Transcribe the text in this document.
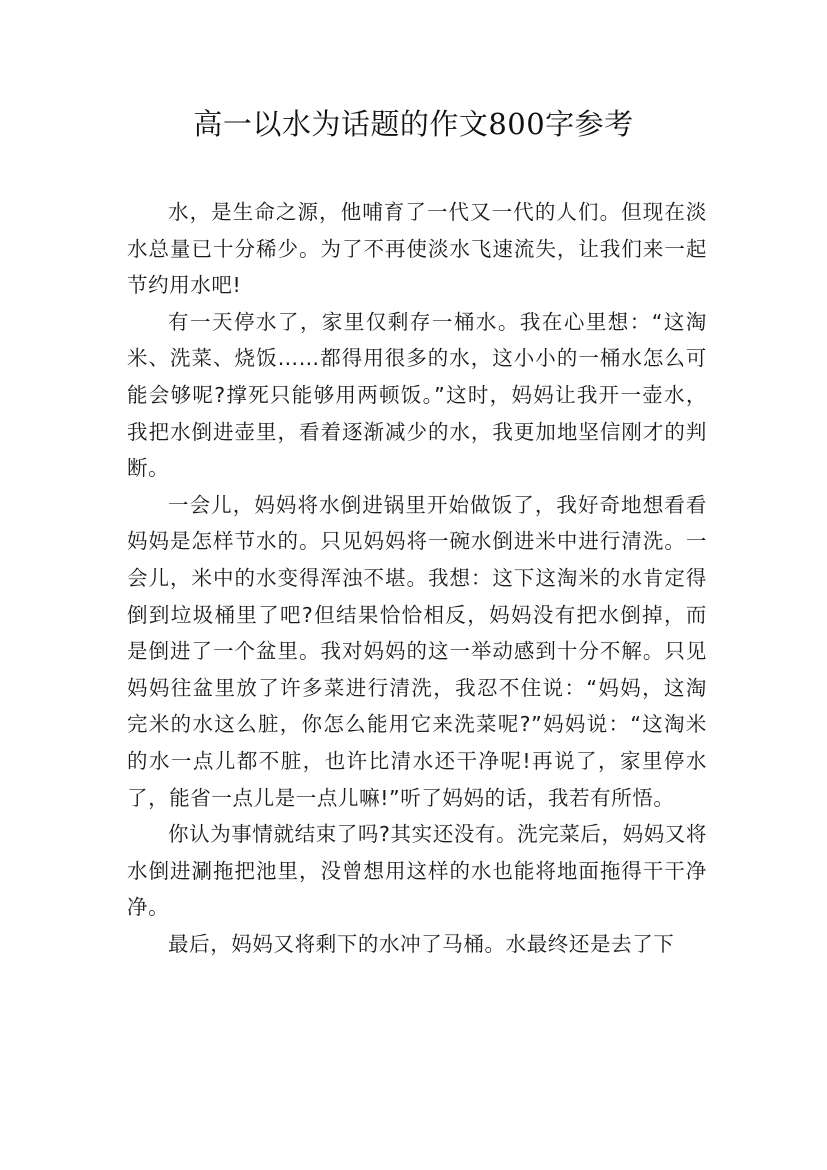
高一以水为话题的作文800字参考

水，是生命之源，他哺育了一代又一代的人们。但现在淡水总量已十分稀少。为了不再使淡水飞速流失，让我们来一起节约用水吧!

有一天停水了，家里仅剩存一桶水。我在心里想：“这淘米、洗菜、烧饭……都得用很多的水，这小小的一桶水怎么可能会够呢?撑死只能够用两顿饭。”这时，妈妈让我开一壶水，我把水倒进壶里，看着逐渐减少的水，我更加地坚信刚才的判断。

一会儿，妈妈将水倒进锅里开始做饭了，我好奇地想看看妈妈是怎样节水的。只见妈妈将一碗水倒进米中进行清洗。一会儿，米中的水变得浑浊不堪。我想：这下这淘米的水肯定得倒到垃圾桶里了吧?但结果恰恰相反，妈妈没有把水倒掉，而是倒进了一个盆里。我对妈妈的这一举动感到十分不解。只见妈妈往盆里放了许多菜进行清洗，我忍不住说：“妈妈，这淘完米的水这么脏，你怎么能用它来洗菜呢?”妈妈说：“这淘米的水一点儿都不脏，也许比清水还干净呢!再说了，家里停水了，能省一点儿是一点儿嘛!”听了妈妈的话，我若有所悟。

你认为事情就结束了吗?其实还没有。洗完菜后，妈妈又将水倒进涮拖把池里，没曾想用这样的水也能将地面拖得干干净净。

最后，妈妈又将剩下的水冲了马桶。水最终还是去了下
